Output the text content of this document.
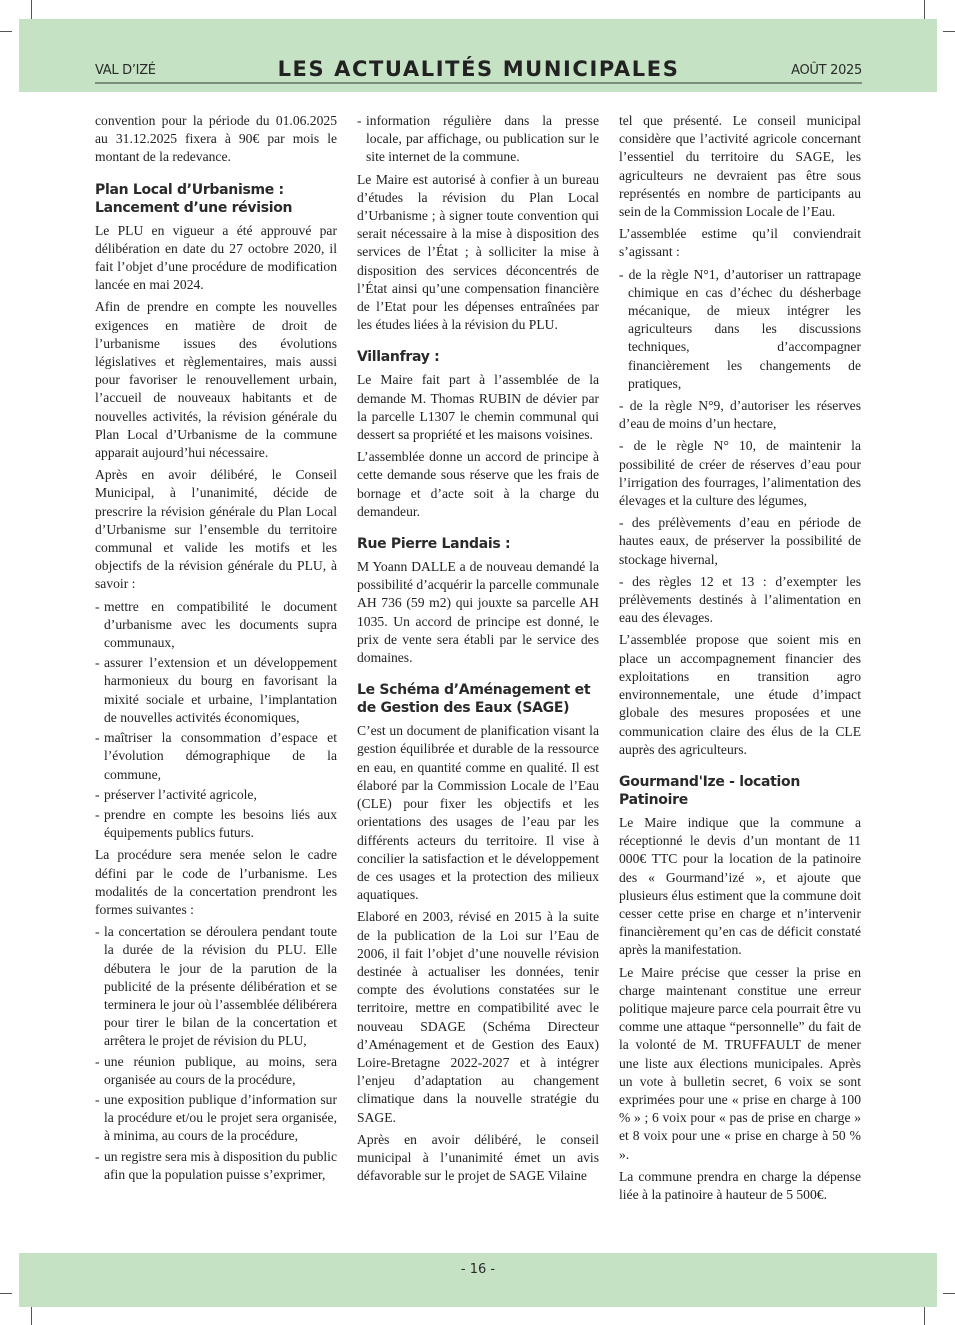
VAL D’IZÉ	LES ACTUALITÉS MUNICIPALES	AOÛT 2025

convention pour la période du 01.06.2025 au 31.12.2025 fixera à 90€ par mois le montant de la redevance.

Plan Local d’Urbanisme : Lancement d’une révision

Le PLU en vigueur a été approuvé par délibération en date du 27 octobre 2020, il fait l’objet d’une procédure de modification lancée en mai 2024.

Afin de prendre en compte les nouvelles exigences en matière de droit de l’urbanisme issues des évolutions législatives et règlementaires, mais aussi pour favoriser le renouvellement urbain, l’accueil de nouveaux habitants et de nouvelles activités, la révision générale du Plan Local d’Urbanisme de la commune apparait aujourd’hui nécessaire.

Après en avoir délibéré, le Conseil Municipal, à l’unanimité, décide de prescrire la révision générale du Plan Local d’Urbanisme sur l’ensemble du territoire communal et valide les motifs et les objectifs de la révision générale du PLU, à savoir :

- mettre en compatibilité le document d’urbanisme avec les documents supra communaux,
- assurer l’extension et un développement harmonieux du bourg en favorisant la mixité sociale et urbaine, l’implantation de nouvelles activités économiques,
- maîtriser la consommation d’espace et l’évolution démographique de la commune,
- préserver l’activité agricole,
- prendre en compte les besoins liés aux équipements publics futurs.

La procédure sera menée selon le cadre défini par le code de l’urbanisme. Les modalités de la concertation prendront les formes suivantes :

- la concertation se déroulera pendant toute la durée de la révision du PLU. Elle débutera le jour de la parution de la publicité de la présente délibération et se terminera le jour où l’assemblée délibérera pour tirer le bilan de la concertation et arrêtera le projet de révision du PLU,
- une réunion publique, au moins, sera organisée au cours de la procédure,
- une exposition publique d’information sur la procédure et/ou le projet sera organisée, à minima, au cours de la procédure,
- un registre sera mis à disposition du public afin que la population puisse s’exprimer,
- information régulière dans la presse locale, par affichage, ou publication sur le site internet de la commune.

Le Maire est autorisé à confier à un bureau d’études la révision du Plan Local d’Urbanisme ; à signer toute convention qui serait nécessaire à la mise à disposition des services de l’État ; à solliciter la mise à disposition des services déconcentrés de l’État ainsi qu’une compensation financière de l’Etat pour les dépenses entraînées par les études liées à la révision du PLU.

Villanfray :

Le Maire fait part à l’assemblée de la demande M. Thomas RUBIN de dévier par la parcelle L1307 le chemin communal qui dessert sa propriété et les maisons voisines.

L’assemblée donne un accord de principe à cette demande sous réserve que les frais de bornage et d’acte soit à la charge du demandeur.

Rue Pierre Landais :

M Yoann DALLE a de nouveau demandé la possibilité d’acquérir la parcelle communale AH 736 (59 m2) qui jouxte sa parcelle AH 1035. Un accord de principe est donné, le prix de vente sera établi par le service des domaines.

Le Schéma d’Aménagement et de Gestion des Eaux (SAGE)

C’est un document de planification visant la gestion équilibrée et durable de la ressource en eau, en quantité comme en qualité. Il est élaboré par la Commission Locale de l’Eau (CLE) pour fixer les objectifs et les orientations des usages de l’eau par les différents acteurs du territoire. Il vise à concilier la satisfaction et le développement de ces usages et la protection des milieux aquatiques.

Elaboré en 2003, révisé en 2015 à la suite de la publication de la Loi sur l’Eau de 2006, il fait l’objet d’une nouvelle révision destinée à actualiser les données, tenir compte des évolutions constatées sur le territoire, mettre en compatibilité avec le nouveau SDAGE (Schéma Directeur d’Aménagement et de Gestion des Eaux) Loire-Bretagne 2022-2027 et à intégrer l’enjeu d’adaptation au changement climatique dans la nouvelle stratégie du SAGE.

Après en avoir délibéré, le conseil municipal à l’unanimité émet un avis défavorable sur le projet de SAGE Vilaine

tel que présenté. Le conseil municipal considère que l’activité agricole concernant l’essentiel du territoire du SAGE, les agriculteurs ne devraient pas être sous représentés en nombre de participants au sein de la Commission Locale de l’Eau.

L’assemblée estime qu’il conviendrait s’agissant :

- de la règle N°1, d’autoriser un rattrapage chimique en cas d’échec du désherbage mécanique, de mieux intégrer les agriculteurs dans les discussions techniques, d’accompagner financièrement les changements de pratiques,
- de la règle N°9, d’autoriser les réserves d’eau de moins d’un hectare,
- de le règle N° 10, de maintenir la possibilité de créer de réserves d’eau pour l’irrigation des fourrages, l’alimentation des élevages et la culture des légumes,
- des prélèvements d’eau en période de hautes eaux, de préserver la possibilité de stockage hivernal,
- des règles 12 et 13 : d’exempter les prélèvements destinés à l’alimentation en eau des élevages.

L’assemblée propose que soient mis en place un accompagnement financier des exploitations en transition agro environnementale, une étude d’impact globale des mesures proposées et une communication claire des élus de la CLE auprès des agriculteurs.

Gourmand'Ize - location Patinoire

Le Maire indique que la commune a réceptionné le devis d’un montant de 11 000€ TTC pour la location de la patinoire des « Gourmand’izé », et ajoute que plusieurs élus estiment que la commune doit cesser cette prise en charge et n’intervenir financièrement qu’en cas de déficit constaté après la manifestation.

Le Maire précise que cesser la prise en charge maintenant constitue une erreur politique majeure parce cela pourrait être vu comme une attaque “personnelle” du fait de la volonté de M. TRUFFAULT de mener une liste aux élections municipales. Après un vote à bulletin secret, 6 voix se sont exprimées pour une « prise en charge à 100 % » ; 6 voix pour « pas de prise en charge » et 8 voix pour une « prise en charge à 50 % ».

La commune prendra en charge la dépense liée à la patinoire à hauteur de 5 500€.

- 16 -
